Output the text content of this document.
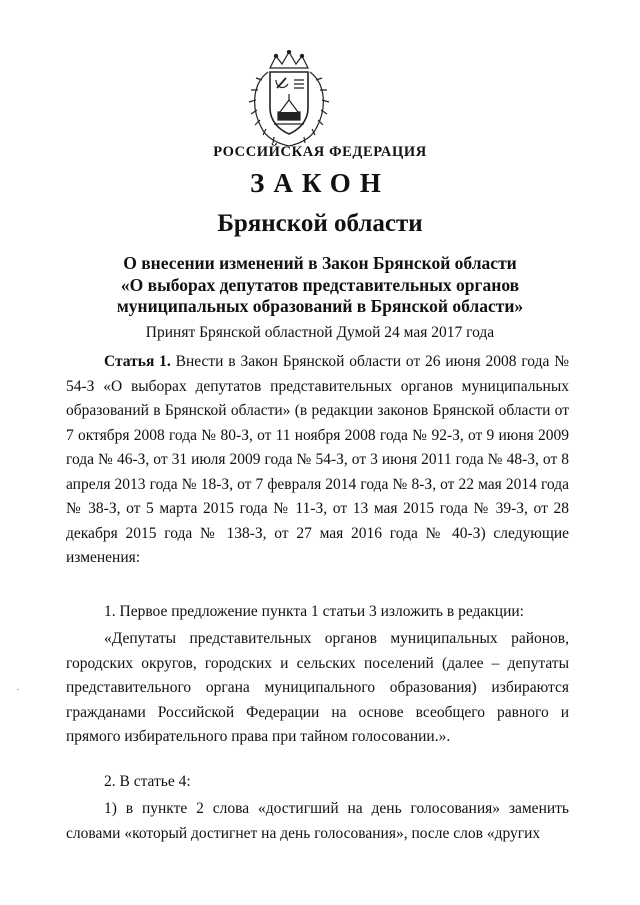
РОССИЙСКАЯ ФЕДЕРАЦИЯ
ЗАКОН
Брянской области
О внесении изменений в Закон Брянской области
«О выборах депутатов представительных органов
муниципальных образований в Брянской области»
Принят Брянской областной Думой 24 мая 2017 года
Статья 1. Внести в Закон Брянской области от 26 июня 2008 года № 54-З «О выборах депутатов представительных органов муниципальных образований в Брянской области» (в редакции законов Брянской области от 7 октября 2008 года № 80-З, от 11 ноября 2008 года № 92-З, от 9 июня 2009 года № 46-З, от 31 июля 2009 года № 54-З, от 3 июня 2011 года № 48-З, от 8 апреля 2013 года № 18-З, от 7 февраля 2014 года № 8-З, от 22 мая 2014 года № 38-З, от 5 марта 2015 года № 11-З, от 13 мая 2015 года № 39-З, от 28 декабря 2015 года № 138-З, от 27 мая 2016 года № 40-З) следующие изменения:
1. Первое предложение пункта 1 статьи 3 изложить в редакции:
«Депутаты представительных органов муниципальных районов, городских округов, городских и сельских поселений (далее – депутаты представительного органа муниципального образования) избираются гражданами Российской Федерации на основе всеобщего равного и прямого избирательного права при тайном голосовании.».
2. В статье 4:
1) в пункте 2 слова «достигший на день голосования» заменить словами «который достигнет на день голосования», после слов «других
·
